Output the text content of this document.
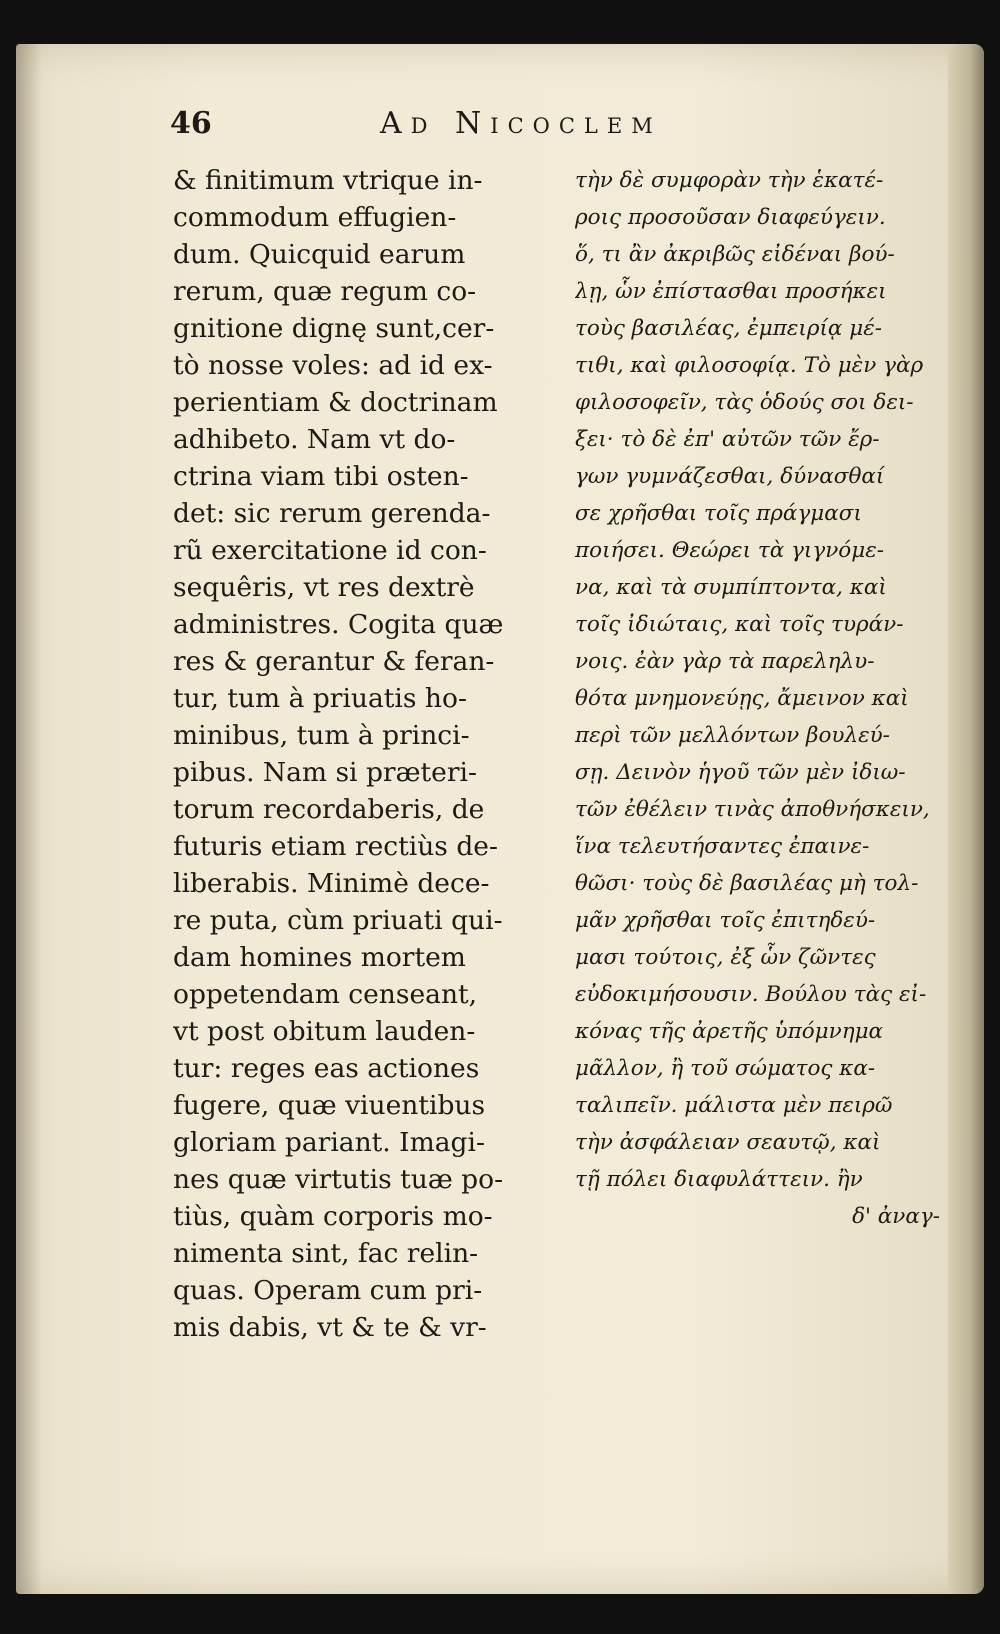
46	Ad Nicoclem
& finitimum vtrique in-
commodum effugien-
dum. Quicquid earum
rerum, quæ regum co-
gnitione dignę sunt,cer-
tò nosse voles: ad id ex-
perientiam & doctrinam
adhibeto. Nam vt do-
ctrina viam tibi osten-
det: sic rerum gerenda-
rũ exercitatione id con-
sequêris, vt res dextrè
administres. Cogita quæ
res & gerantur & feran-
tur, tum à priuatis ho-
minibus, tum à princi-
pibus. Nam si præteri-
torum recordaberis, de
futuris etiam rectiùs de-
liberabis. Minimè dece-
re puta, cùm priuati qui-
dam homines mortem
oppetendam censeant,
vt post obitum lauden-
tur: reges eas actiones
fugere, quæ viuentibus
gloriam pariant. Imagi-
nes quæ virtutis tuæ po-
tiùs, quàm corporis mo-
nimenta sint, fac relin-
quas. Operam cum pri-
mis dabis, vt & te & vr-
τὴν δὲ συμφορὰν τὴν ἑκατέ-
ροις προσοῦσαν διαφεύγειν.
ὅ, τι ἂν ἀκριβῶς εἰδέναι βού-
λῃ, ὧν ἐπίστασθαι προσήκει
τοὺς βασιλέας, ἐμπειρίᾳ μέ-
τιθι, καὶ φιλοσοφίᾳ. Τὸ μὲν γὰρ
φιλοσοφεῖν, τὰς ὁδούς σοι δει-
ξει· τὸ δὲ ἐπ' αὐτῶν τῶν ἔρ-
γων γυμνάζεσθαι, δύνασθαί
σε χρῆσθαι τοῖς πράγμασι
ποιήσει. Θεώρει τὰ γιγνόμε-
να, καὶ τὰ συμπίπτοντα, καὶ
τοῖς ἰδιώταις, καὶ τοῖς τυράν-
νοις. ἐὰν γὰρ τὰ παρεληλυ-
θότα μνημονεύῃς, ἄμεινον καὶ
περὶ τῶν μελλόντων βουλεύ-
σῃ. Δεινὸν ἡγοῦ τῶν μὲν ἰδιω-
τῶν ἐθέλειν τινὰς ἀποθνήσκειν,
ἵνα τελευτήσαντες ἐπαινε-
θῶσι· τοὺς δὲ βασιλέας μὴ τολ-
μᾶν χρῆσθαι τοῖς ἐπιτηδεύ-
μασι τούτοις, ἐξ ὧν ζῶντες
εὐδοκιμήσουσιν. Βούλου τὰς εἰ-
κόνας τῆς ἀρετῆς ὑπόμνημα
μᾶλλον, ἢ τοῦ σώματος κα-
ταλιπεῖν. μάλιστα μὲν πειρῶ
τὴν ἀσφάλειαν σεαυτῷ, καὶ
τῇ πόλει διαφυλάττειν. ἢν
δ' ἀναγ-
